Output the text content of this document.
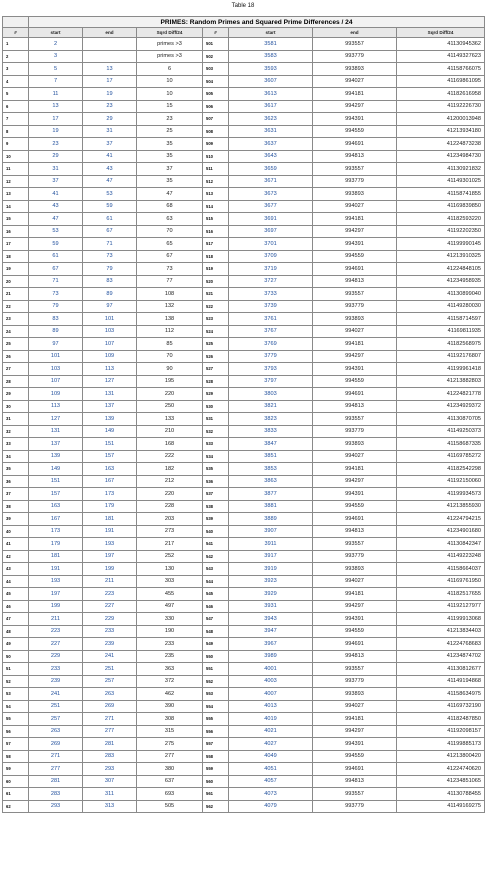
Table 18
	PRIMES: Random Primes and Squared Prime Differences / 24						
#	start	end	Sqrd Diff/24	#	start	end	Sqrd Diff/24
1	2		primes >3	501	3581	993557	41130945362
2	3		primes >3	502	3583	993779	41149327623
3	5	13	6	503	3593	993893	41158766075
4	7	17	10	504	3607	994027	41169861095
5	11	19	10	505	3613	994181	41182616958
6	13	23	15	506	3617	994297	41192226730
7	17	29	23	507	3623	994391	41200013948
8	19	31	25	508	3631	994559	41213934180
9	23	37	35	509	3637	994691	41224873238
10	29	41	35	510	3643	994813	41234984730
11	31	43	37	511	3659	993557	41130921832
12	37	47	35	512	3671	993779	41149301025
13	41	53	47	513	3673	993893	41158741855
14	43	59	68	514	3677	994027	41169839850
15	47	61	63	515	3691	994181	41182593220
16	53	67	70	516	3697	994297	41192202350
17	59	71	65	517	3701	994391	41199990145
18	61	73	67	518	3709	994559	41213910325
19	67	79	73	519	3719	994691	41224848105
20	71	83	77	520	3727	994813	41234958935
21	73	89	108	521	3733	993557	41130899040
22	79	97	132	522	3739	993779	41149280030
23	83	101	138	523	3761	993893	41158714597
24	89	103	112	524	3767	994027	41169811935
25	97	107	85	525	3769	994181	41182568975
26	101	109	70	526	3779	994297	41192176807
27	103	113	90	527	3793	994391	41199961418
28	107	127	195	528	3797	994559	41213882803
29	109	131	220	529	3803	994691	41224821778
30	113	137	250	530	3821	994813	41234929372
31	127	139	133	531	3823	993557	41130870705
32	131	149	210	532	3833	993779	41149250373
33	137	151	168	533	3847	993893	41158687335
34	139	157	222	534	3851	994027	41169785272
35	149	163	182	535	3853	994181	41182542298
36	151	167	212	536	3863	994297	41192150060
37	157	173	220	537	3877	994391	41199934573
38	163	179	228	538	3881	994559	41213855930
39	167	181	203	539	3889	994691	41224794215
40	173	191	273	540	3907	994813	41234901680
41	179	193	217	541	3911	993557	41130842347
42	181	197	252	542	3917	993779	41149223248
43	191	199	130	543	3919	993893	41158664037
44	193	211	303	544	3923	994027	41169761950
45	197	223	455	545	3929	994181	41182517655
46	199	227	497	546	3931	994297	41192127977
47	211	229	330	547	3943	994391	41199913068
48	223	233	190	548	3947	994559	41213834403
49	227	239	233	549	3967	994691	41224768683
50	229	241	235	550	3989	994813	41234874702
51	233	251	363	551	4001	993557	41130812677
52	239	257	372	552	4003	993779	41149194868
53	241	263	462	553	4007	993893	41158634975
54	251	269	390	554	4013	994027	41169732190
55	257	271	308	555	4019	994181	41182487850
56	263	277	315	556	4021	994297	41192098157
57	269	281	275	557	4027	994391	41199885173
58	271	283	277	558	4049	994559	41213800420
59	277	293	380	559	4051	994691	41224740620
60	281	307	637	560	4057	994813	41234851065
61	283	311	693	561	4073	993557	41130788455
62	293	313	505	562	4079	993779	41149169275
